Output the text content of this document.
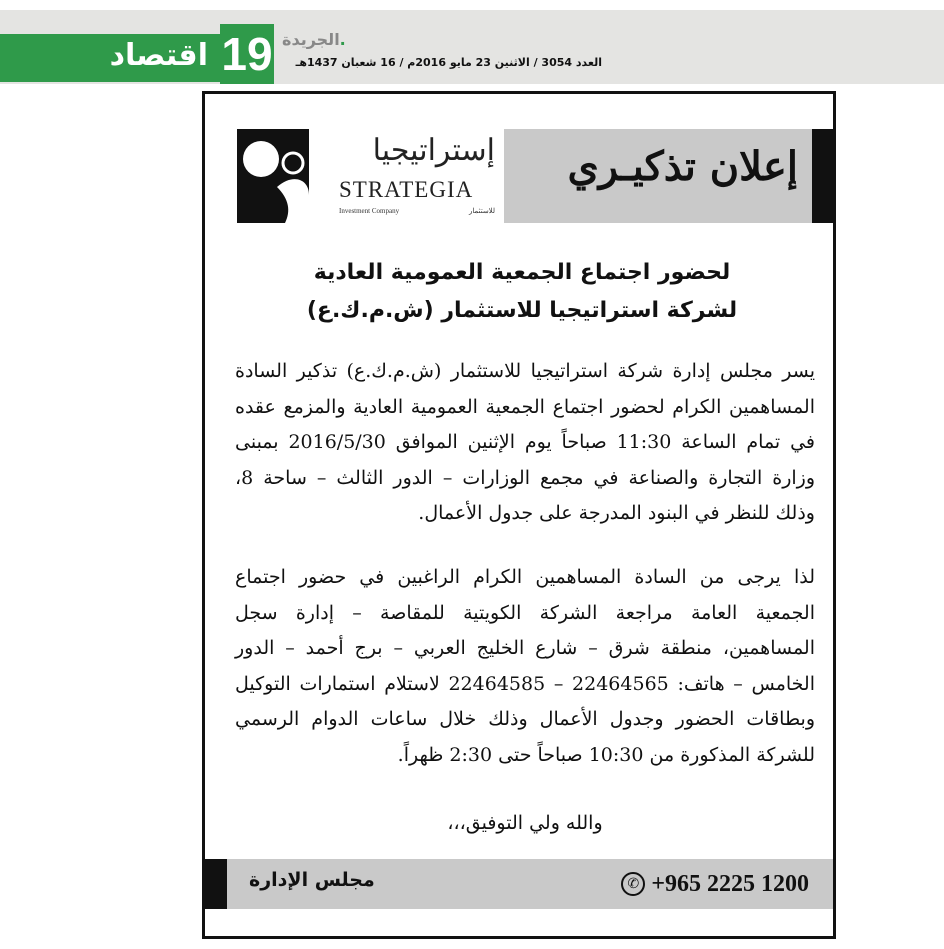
اقتصاد 19 الجريدة.
العدد 3054 / الاثنين 23 مايو 2016م / 16 شعبان 1437هـ
إعلان تذكيـري
إستراتيجيا
STRATEGIA
Investment Company	للاستثمار
لحضور اجتماع الجمعية العمومية العادية
لشركة استراتيجيا للاستثمار (ش.م.ك.ع)

يسر مجلس إدارة شركة استراتيجيا للاستثمار (ش.م.ك.ع) تذكير السادة المساهمين الكرام لحضور اجتماع الجمعية العمومية العادية والمزمع عقده في تمام الساعة 11:30 صباحاً يوم الإثنين الموافق 2016/5/30 بمبنى وزارة التجارة والصناعة في مجمع الوزارات – الدور الثالث – ساحة 8، وذلك للنظر في البنود المدرجة على جدول الأعمال.

لذا يرجى من السادة المساهمين الكرام الراغبين في حضور اجتماع الجمعية العامة مراجعة الشركة الكويتية للمقاصة – إدارة سجل المساهمين، منطقة شرق – شارع الخليج العربي – برج أحمد – الدور الخامس – هاتف: 22464565 – 22464585 لاستلام استمارات التوكيل وبطاقات الحضور وجدول الأعمال وذلك خلال ساعات الدوام الرسمي للشركة المذكورة من 10:30 صباحاً حتى 2:30 ظهراً.

والله ولي التوفيق،،،
مجلس الإدارة	✆ +965 2225 1200
